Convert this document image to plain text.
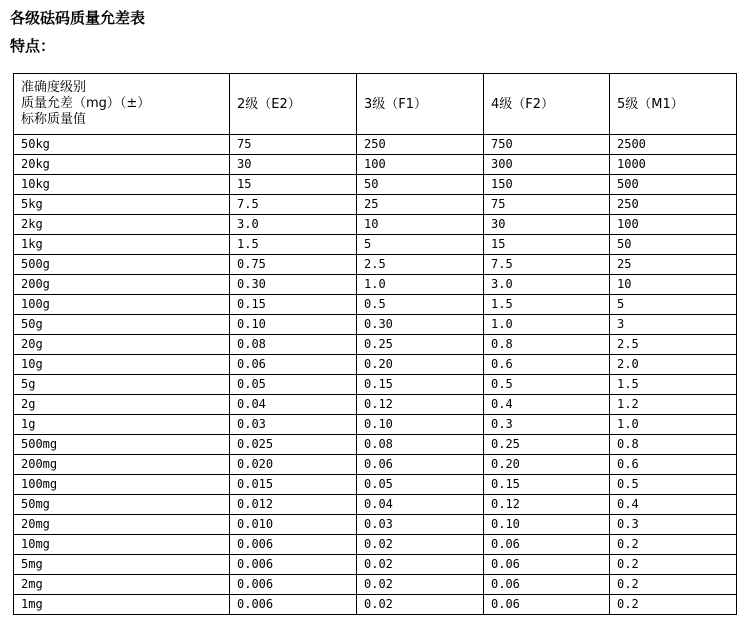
各级砝码质量允差表
特点：
准确度级别
质量允差（mg）（±）
标称质量值	2级（E2）	3级（F1）	4级（F2）	5级（M1）
50kg	75	250	750	2500
20kg	30	100	300	1000
10kg	15	50	150	500
5kg	7.5	25	75	250
2kg	3.0	10	30	100
1kg	1.5	5	15	50
500g	0.75	2.5	7.5	25
200g	0.30	1.0	3.0	10
100g	0.15	0.5	1.5	5
50g	0.10	0.30	1.0	3
20g	0.08	0.25	0.8	2.5
10g	0.06	0.20	0.6	2.0
5g	0.05	0.15	0.5	1.5
2g	0.04	0.12	0.4	1.2
1g	0.03	0.10	0.3	1.0
500mg	0.025	0.08	0.25	0.8
200mg	0.020	0.06	0.20	0.6
100mg	0.015	0.05	0.15	0.5
50mg	0.012	0.04	0.12	0.4
20mg	0.010	0.03	0.10	0.3
10mg	0.006	0.02	0.06	0.2
5mg	0.006	0.02	0.06	0.2
2mg	0.006	0.02	0.06	0.2
1mg	0.006	0.02	0.06	0.2
